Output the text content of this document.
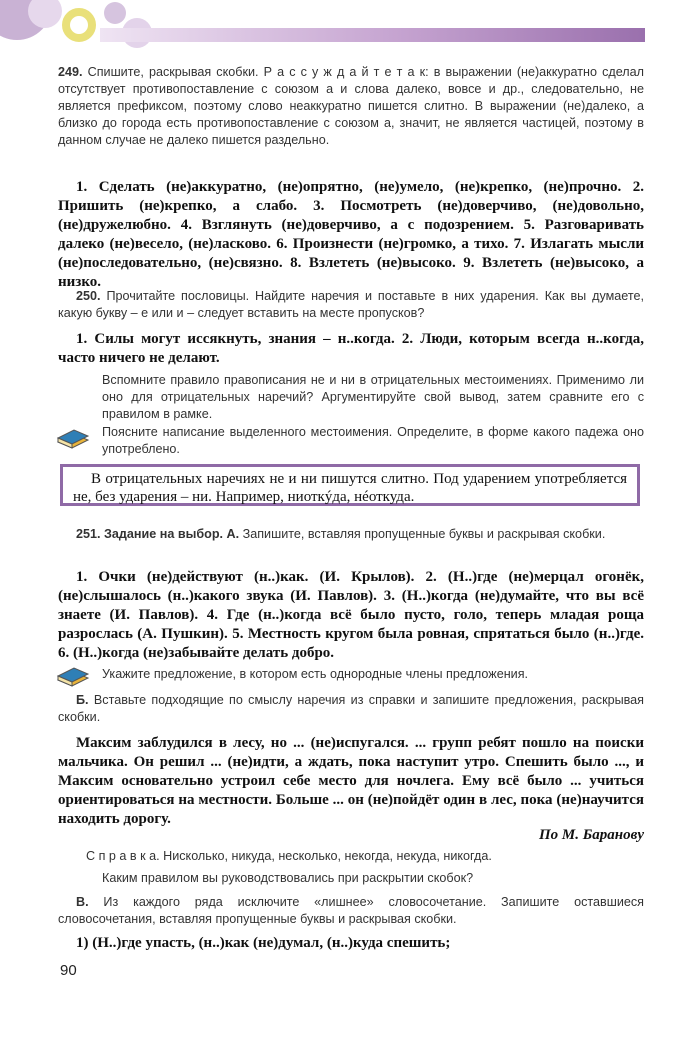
249. Спишите, раскрывая скобки. Р а с с у ж д а й т е т а к: в выражении (не)аккуратно сделал отсутствует противопоставление с союзом а и слова далеко, вовсе и др., следовательно, не является префиксом, поэтому слово неаккуратно пишется слитно. В выражении (не)далеко, а близко до города есть противопоставление с союзом а, значит, не является частицей, поэтому в данном случае не далеко пишется раздельно.
1. Сделать (не)аккуратно, (не)опрятно, (не)умело, (не)крепко, (не)прочно. 2. Пришить (не)крепко, а слабо. 3. Посмотреть (не)доверчиво, (не)довольно, (не)дружелюбно. 4. Взглянуть (не)доверчиво, а с подозрением. 5. Разговаривать далеко (не)весело, (не)ласково. 6. Произнести (не)громко, а тихо. 7. Излагать мысли (не)последовательно, (не)связно. 8. Взлететь (не)высоко. 9. Взлететь (не)высоко, а низко.
250. Прочитайте пословицы. Найдите наречия и поставьте в них ударения. Как вы думаете, какую букву – е или и – следует вставить на месте пропусков?
1. Силы могут иссякнуть, знания – н..когда. 2. Люди, которым всегда н..когда, часто ничего не делают.
Вспомните правило правописания не и ни в отрицательных местоимениях. Применимо ли оно для отрицательных наречий? Аргументируйте свой вывод, затем сравните его с правилом в рамке.
Поясните написание выделенного местоимения. Определите, в форме какого падежа оно употреблено.
В отрицательных наречиях не и ни пишутся слитно. Под ударением употребляется не, без ударения – ни. Например, ниоткýда, нéоткуда.
251. Задание на выбор. А. Запишите, вставляя пропущенные буквы и раскрывая скобки.
1. Очки (не)действуют (н..)как. (И. Крылов). 2. (Н..)где (не)мерцал огонёк, (не)слышалось (н..)какого звука (И. Павлов). 3. (Н..)когда (не)думайте, что вы всё знаете (И. Павлов). 4. Где (н..)когда всё было пусто, голо, теперь младая роща разрослась (А. Пушкин). 5. Местность кругом была ровная, спрятаться было (н..)где. 6. (Н..)когда (не)забывайте делать добро.
Укажите предложение, в котором есть однородные члены предложения.
Б. Вставьте подходящие по смыслу наречия из справки и запишите предложения, раскрывая скобки.
Максим заблудился в лесу, но ... (не)испугался. ... групп ребят пошло на поиски мальчика. Он решил ... (не)идти, а ждать, пока наступит утро. Спешить было ..., и Максим основательно устроил себе место для ночлега. Ему всё было ... учиться ориентироваться на местности. Больше ... он (не)пойдёт один в лес, пока (не)научится находить дорогу.
По М. Баранову
С п р а в к а. Нисколько, никуда, несколько, некогда, некуда, никогда.
Каким правилом вы руководствовались при раскрытии скобок?
В. Из каждого ряда исключите «лишнее» словосочетание. Запишите оставшиеся словосочетания, вставляя пропущенные буквы и раскрывая скобки.
1) (Н..)где упасть, (н..)как (не)думал, (н..)куда спешить;
90
